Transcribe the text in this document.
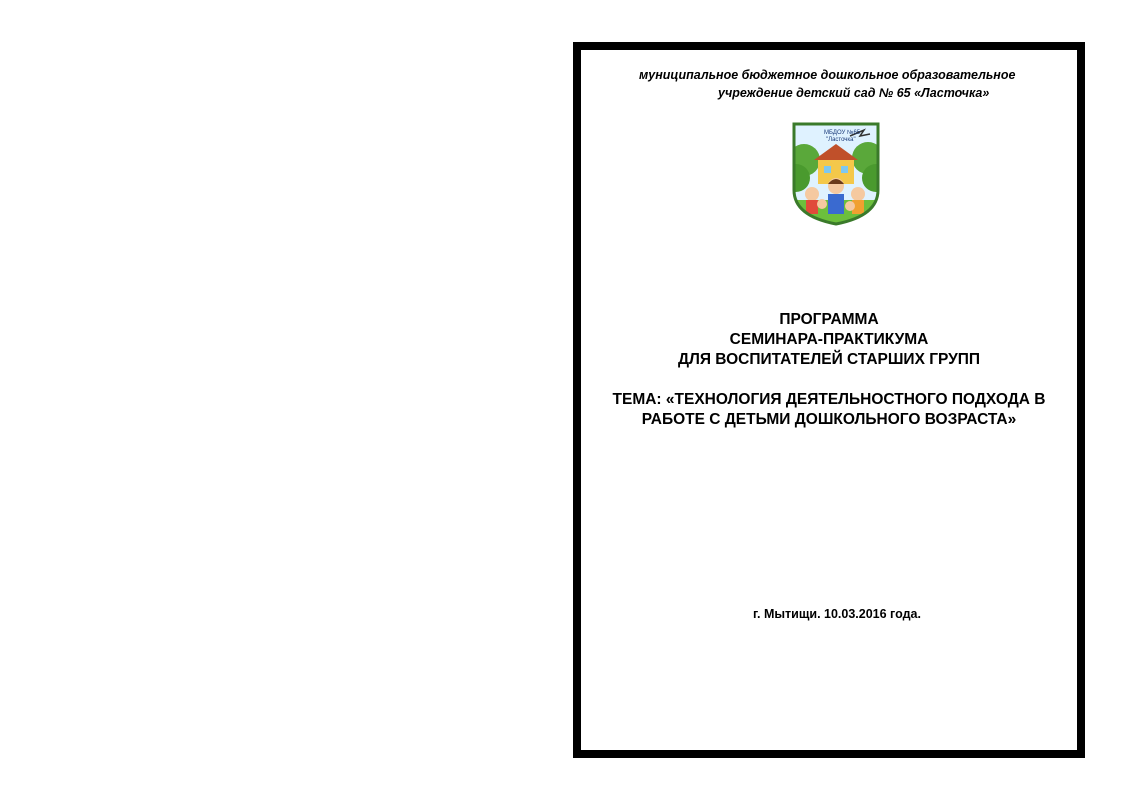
муниципальное бюджетное дошкольное образовательное
учреждение детский сад № 65 «Ласточка»
МБДОУ №65
"Ласточка"
ПРОГРАММА
СЕМИНАРА-ПРАКТИКУМА
ДЛЯ ВОСПИТАТЕЛЕЙ СТАРШИХ ГРУПП
ТЕМА: «ТЕХНОЛОГИЯ ДЕЯТЕЛЬНОСТНОГО ПОДХОДА В
РАБОТЕ С ДЕТЬМИ ДОШКОЛЬНОГО ВОЗРАСТА»
г. Мытищи. 10.03.2016 года.
